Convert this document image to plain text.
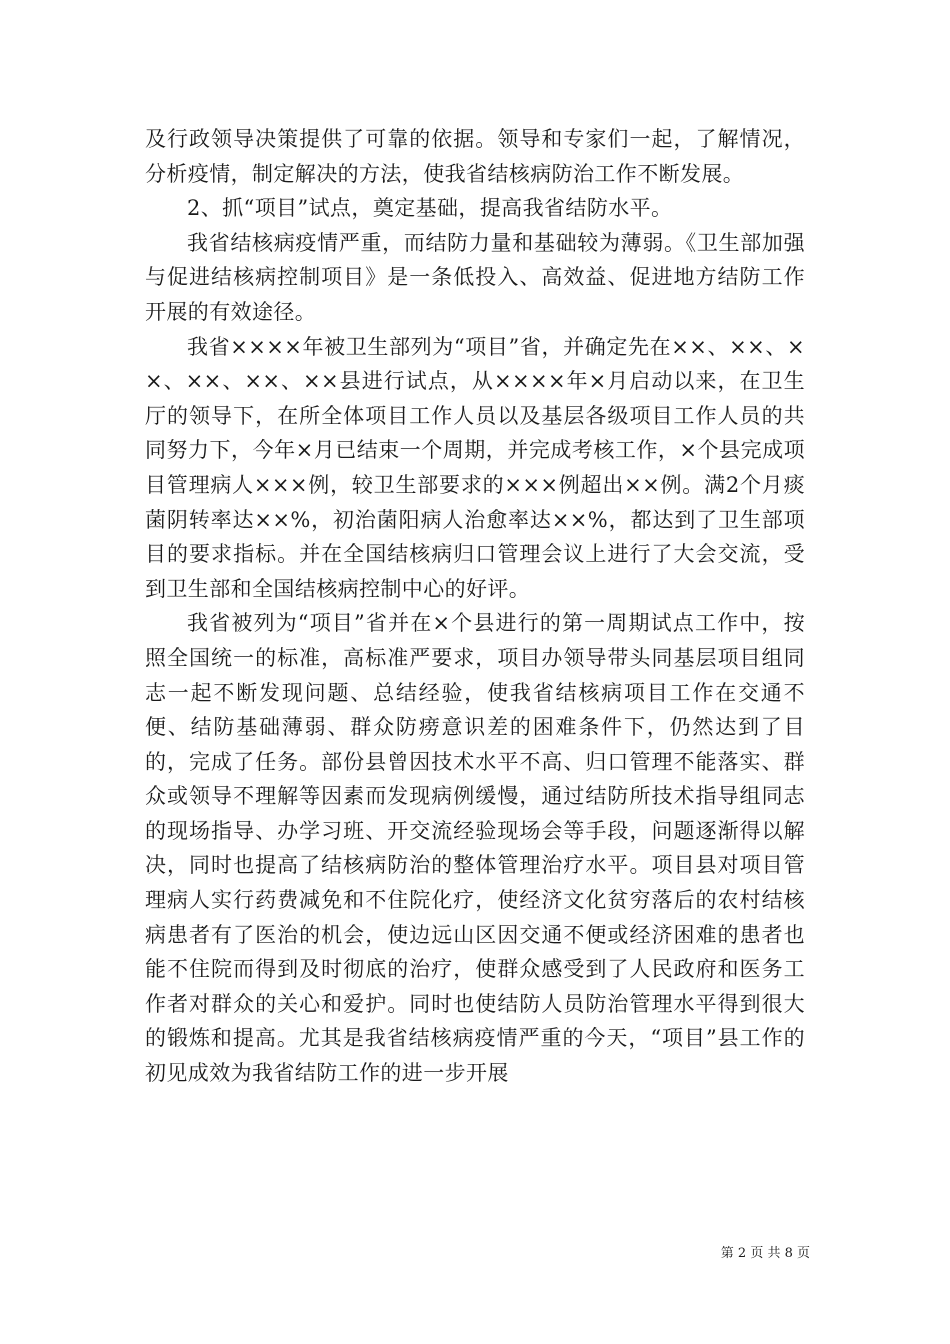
及行政领导决策提供了可靠的依据。领导和专家们一起，了解情况，分析疫情，制定解决的方法，使我省结核病防治工作不断发展。

2、抓“项目”试点，奠定基础，提高我省结防水平。

我省结核病疫情严重，而结防力量和基础较为薄弱。《卫生部加强与促进结核病控制项目》是一条低投入、高效益、促进地方结防工作开展的有效途径。

我省××××年被卫生部列为“项目”省，并确定先在××、××、××、××、××、××县进行试点，从××××年×月启动以来，在卫生厅的领导下，在所全体项目工作人员以及基层各级项目工作人员的共同努力下，今年×月已结束一个周期，并完成考核工作，×个县完成项目管理病人×××例，较卫生部要求的×××例超出××例。满2个月痰菌阴转率达××%，初治菌阳病人治愈率达××%，都达到了卫生部项目的要求指标。并在全国结核病归口管理会议上进行了大会交流，受到卫生部和全国结核病控制中心的好评。

我省被列为“项目”省并在×个县进行的第一周期试点工作中，按照全国统一的标准，高标准严要求，项目办领导带头同基层项目组同志一起不断发现问题、总结经验，使我省结核病项目工作在交通不便、结防基础薄弱、群众防痨意识差的困难条件下，仍然达到了目的，完成了任务。部份县曾因技术水平不高、归口管理不能落实、群众或领导不理解等因素而发现病例缓慢，通过结防所技术指导组同志的现场指导、办学习班、开交流经验现场会等手段，问题逐渐得以解决，同时也提高了结核病防治的整体管理治疗水平。项目县对项目管理病人实行药费减免和不住院化疗，使经济文化贫穷落后的农村结核病患者有了医治的机会，使边远山区因交通不便或经济困难的患者也能不住院而得到及时彻底的治疗，使群众感受到了人民政府和医务工作者对群众的关心和爱护。同时也使结防人员防治管理水平得到很大的锻炼和提高。尤其是我省结核病疫情严重的今天，“项目”县工作的初见成效为我省结防工作的进一步开展

第 2 页 共 8 页
